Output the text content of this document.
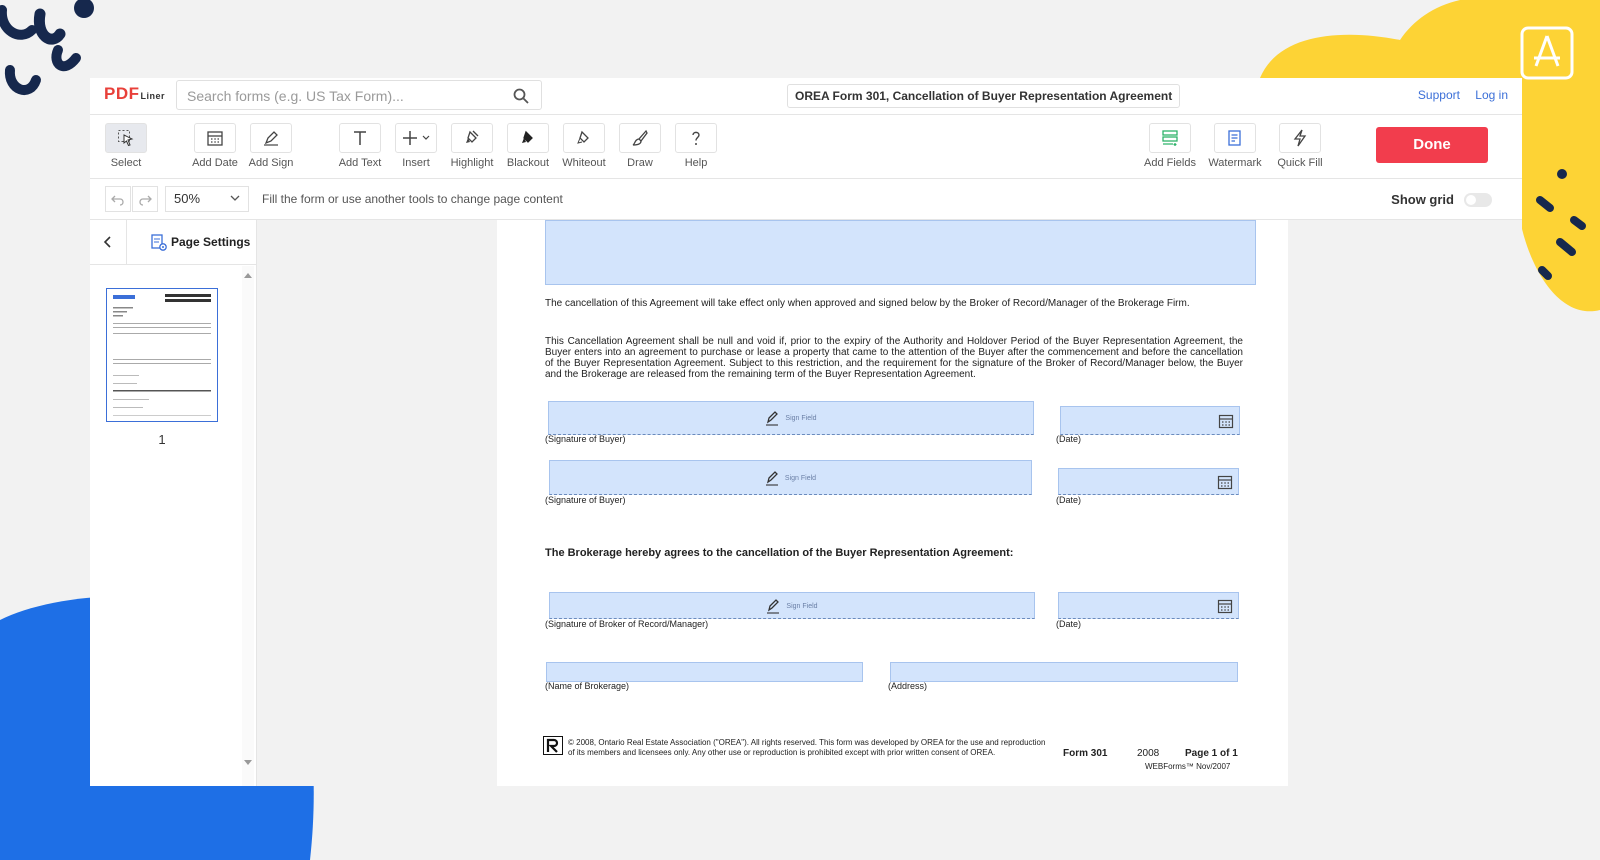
PDFLiner
Search forms (e.g. US Tax Form)...	OREA Form 301, Cancellation of Buyer Representation Agreement	Support Log in
Select	Add Date Add Sign	Add Text	Insert	Highlight	Blackout	Whiteout	Draw	Help	Add Fields Watermark	Quick Fill
Done
50%	Fill the form or use another tools to change page content	Show grid
Page Settings
1
The cancellation of this Agreement will take effect only when approved and signed below by the Broker of Record/Manager of the Brokerage Firm.
This Cancellation Agreement shall be null and void if, prior to the expiry of the Authority and Holdover Period of the Buyer Representation Agreement, the Buyer enters into an agreement to purchase or lease a property that came to the attention of the Buyer after the commencement and before the cancellation of the Buyer Representation Agreement. Subject to this restriction, and the requirement for the signature of the Broker of Record/Manager below, the Buyer and the Brokerage are released from the remaining term of the Buyer Representation Agreement.
Sign Field
(Signature of Buyer)	(Date)
Sign Field
(Signature of Buyer)	(Date)
The Brokerage hereby agrees to the cancellation of the Buyer Representation Agreement:
Sign Field
(Signature of Broker of Record/Manager)	(Date)
(Name of Brokerage)	(Address)
© 2008, Ontario Real Estate Association ("OREA"). All rights reserved. This form was developed by OREA for the use and reproduction of its members and licensees only. Any other use or reproduction is prohibited except with prior written consent of OREA.	Form 301	2008	Page 1 of 1
WEBForms™ Nov/2007
